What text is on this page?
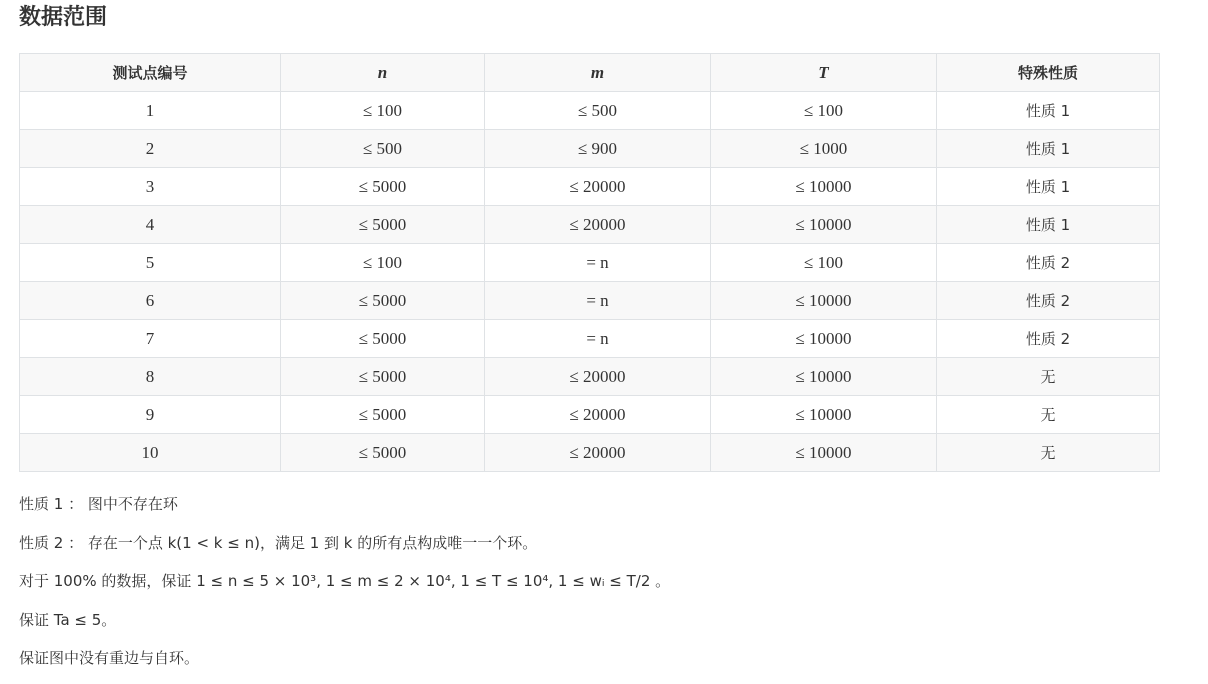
数据范围
测试点编号	n	m	T	特殊性质
1	≤ 100	≤ 500	≤ 100	性质 1
2	≤ 500	≤ 900	≤ 1000	性质 1
3	≤ 5000	≤ 20000	≤ 10000	性质 1
4	≤ 5000	≤ 20000	≤ 10000	性质 1
5	≤ 100	= n	≤ 100	性质 2
6	≤ 5000	= n	≤ 10000	性质 2
7	≤ 5000	= n	≤ 10000	性质 2
8	≤ 5000	≤ 20000	≤ 10000	无
9	≤ 5000	≤ 20000	≤ 10000	无
10	≤ 5000	≤ 20000	≤ 10000	无
性质 1 ： 图中不存在环
性质 2 ： 存在一个点 k(1 < k ≤ n)，满足 1 到 k 的所有点构成唯一一个环。
对于 100% 的数据，保证 1 ≤ n ≤ 5 × 10³, 1 ≤ m ≤ 2 × 10⁴, 1 ≤ T ≤ 10⁴, 1 ≤ wᵢ ≤ T/2 。
保证 Ta ≤ 5。
保证图中没有重边与自环。
